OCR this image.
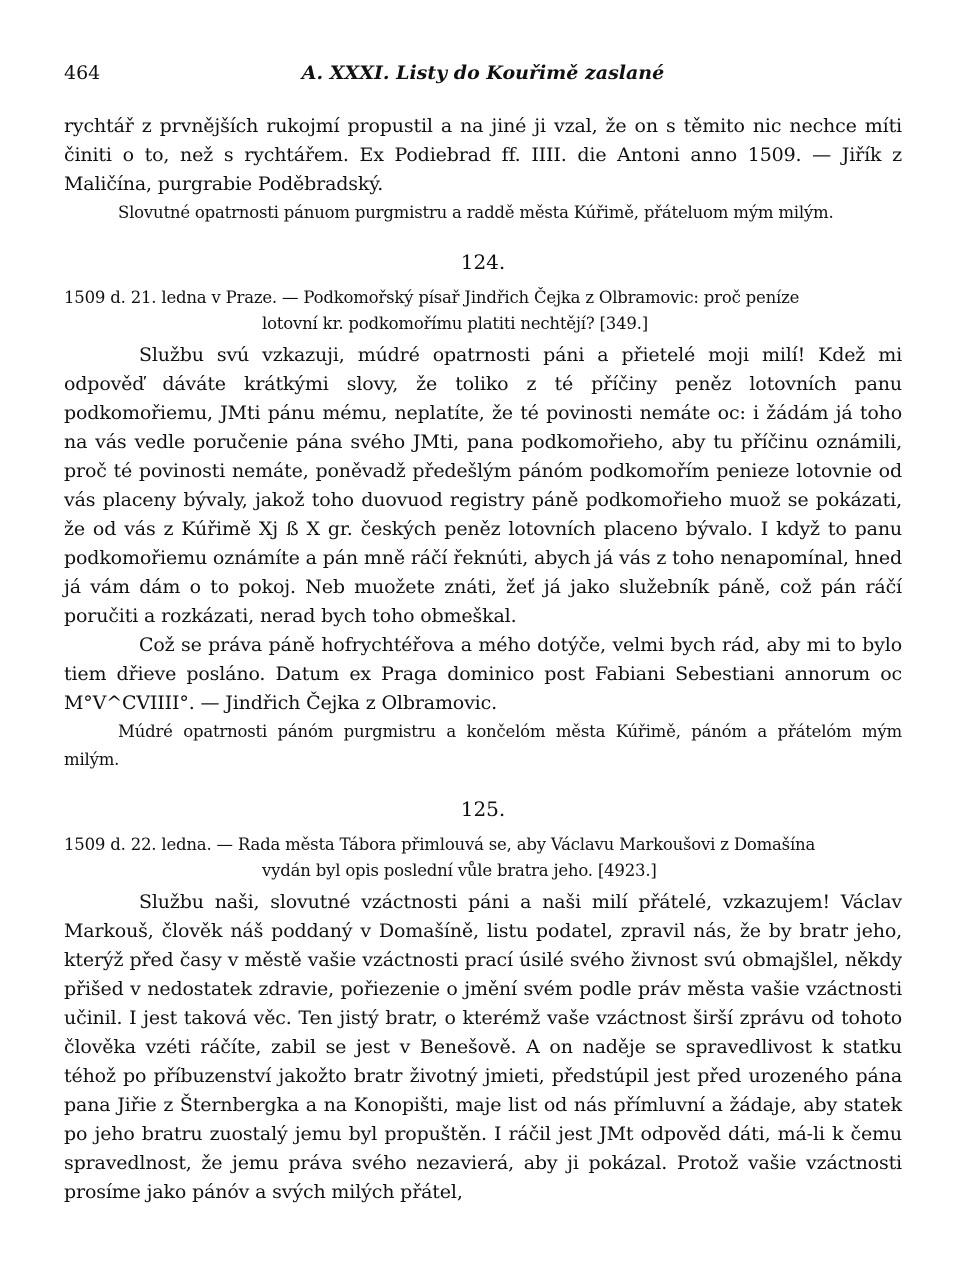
464	A. XXXI. Listy do Kouřimě zaslané

rychtář z prvnějších rukojmí propustil a na jiné ji vzal, že on s těmito nic nechce míti činiti o to, než s rychtářem. Ex Podiebrad ff. IIII. die Antoni anno 1509. — Jiřík z Maličína, purgrabie Poděbradský.

Slovutné opatrnosti pánuom purgmistru a raddě města Kúřimě, přáteluom mým milým.

124.
1509 d. 21. ledna v Praze. — Podkomořský písař Jindřich Čejka z Olbramovic: proč peníze
lotovní kr. podkomořímu platiti nechtějí? [349.]

Službu svú vzkazuji, múdré opatrnosti páni a přietelé moji milí! Kdež mi odpověď dáváte krátkými slovy, že toliko z té příčiny peněz lotovních panu podkomořiemu, JMti pánu mému, neplatíte, že té povinosti nemáte oc: i žádám já toho na vás vedle poručenie pána svého JMti, pana podkomořieho, aby tu příčinu oznámili, proč té povinosti nemáte, poněvadž předešlým pánóm podkomořím penieze lotovnie od vás placeny bývaly, jakož toho duovuod registry páně podkomořieho muož se pokázati, že od vás z Kúřimě Xj ß X gr. českých peněz lotovních placeno bývalo. I když to panu podkomořiemu oznámíte a pán mně ráčí řeknúti, abych já vás z toho nenapomínal, hned já vám dám o to pokoj. Neb muožete znáti, žeť já jako služebník páně, což pán ráčí poručiti a rozkázati, nerad bych toho obmeškal.

Což se práva páně hofrychtéřova a mého dotýče, velmi bych rád, aby mi to bylo tiem dřieve posláno. Datum ex Praga dominico post Fabiani Sebestiani annorum oc M°V^CVIIII°. — Jindřich Čejka z Olbramovic.

Múdré opatrnosti pánóm purgmistru a končelóm města Kúřimě, pánóm a přátelóm mým milým.

125.
1509 d. 22. ledna. — Rada města Tábora přimlouvá se, aby Václavu Markoušovi z Domašína
vydán byl opis poslední vůle bratra jeho. [4923.]

Službu naši, slovutné vzáctnosti páni a naši milí přátelé, vzkazujem! Václav Markouš, člověk náš poddaný v Domašíně, listu podatel, zpravil nás, že by bratr jeho, kterýž před časy v městě vašie vzáctnosti prací úsilé svého živnost svú obmajšlel, někdy přišed v nedostatek zdravie, pořiezenie o jmění svém podle práv města vašie vzáctnosti učinil. I jest taková věc. Ten jistý bratr, o kterémž vaše vzáctnost širší zprávu od tohoto člověka vzéti ráčíte, zabil se jest v Benešově. A on naděje se spravedlivost k statku téhož po příbuzenství jakožto bratr životný jmieti, předstúpil jest před urozeného pána pana Jiřie z Šternbergka a na Konopišti, maje list od nás přímluvní a žádaje, aby statek po jeho bratru zuostalý jemu byl propuštěn. I ráčil jest JMt odpověd dáti, má-li k čemu spravedlnost, že jemu práva svého nezavierá, aby ji pokázal. Protož vašie vzáctnosti prosíme jako pánóv a svých milých přátel,
